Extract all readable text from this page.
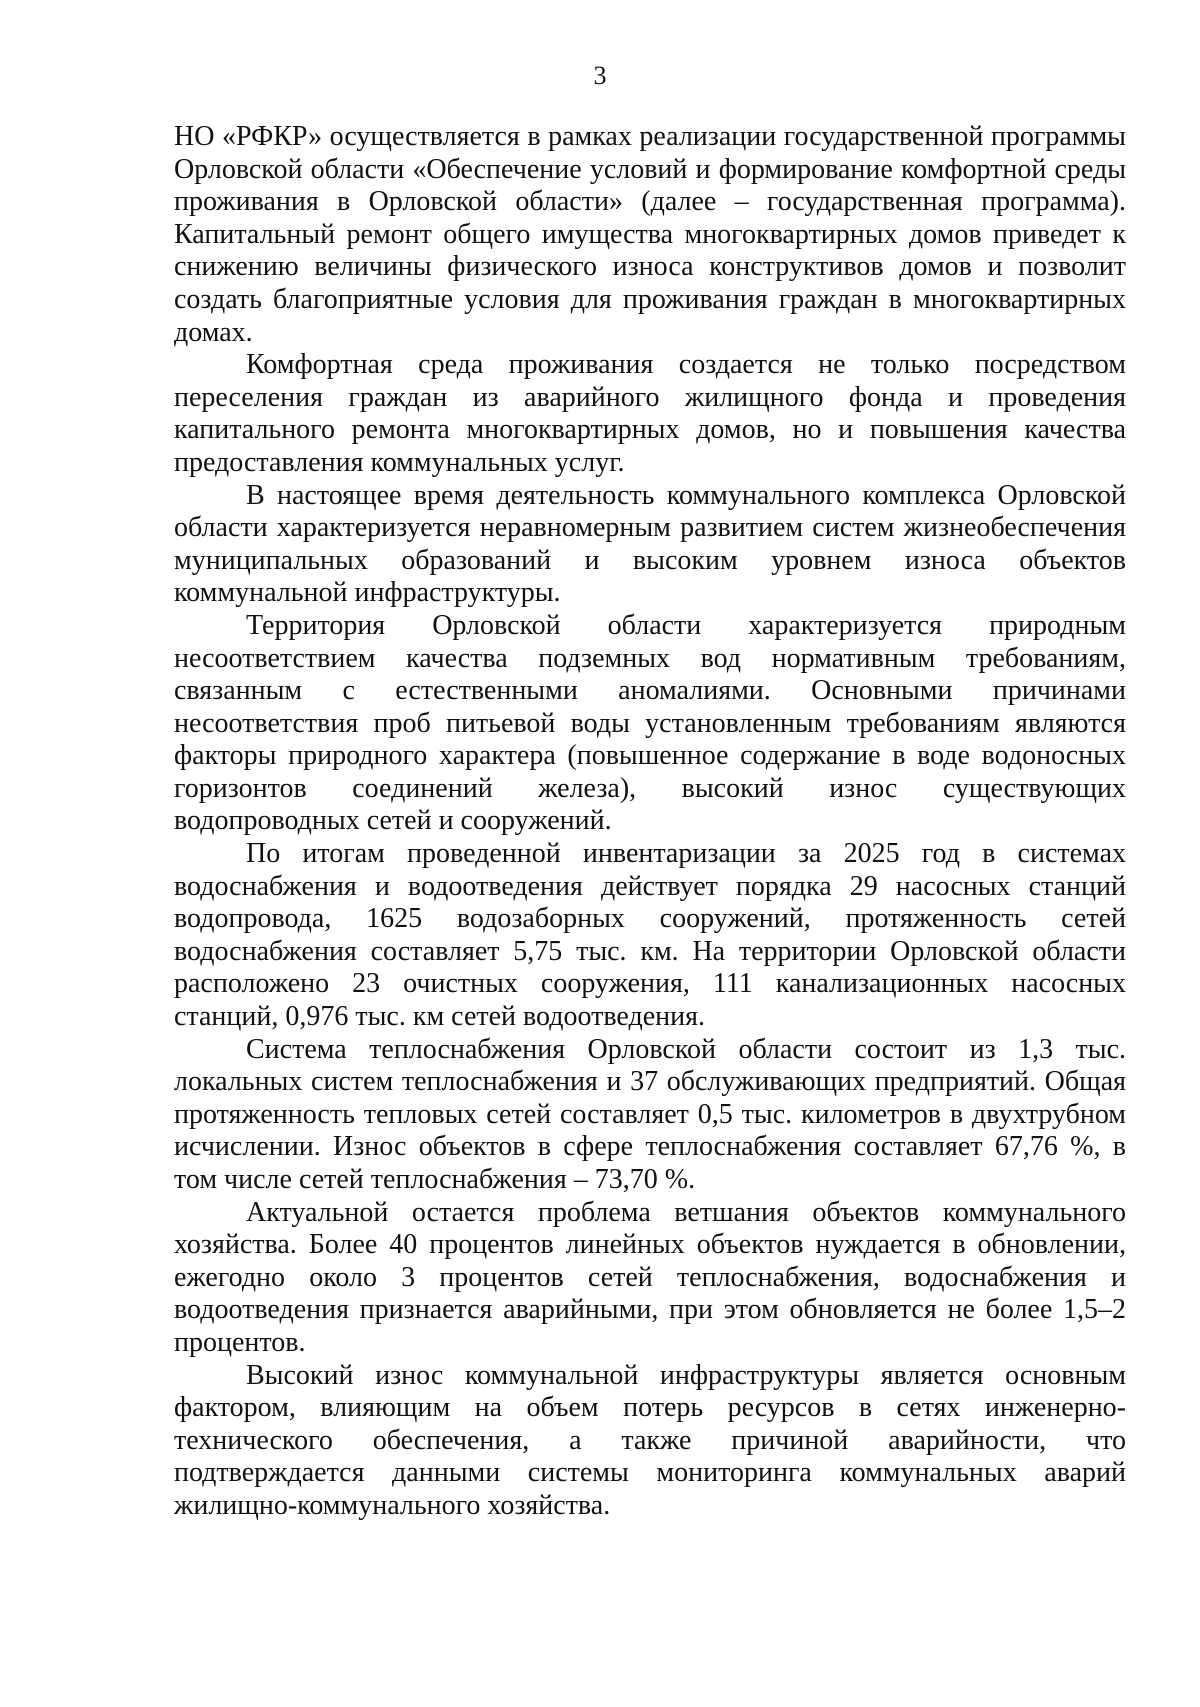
3

НО «РФКР» осуществляется в рамках реализации государственной программы Орловской области «Обеспечение условий и формирование комфортной среды проживания в Орловской области» (далее – государственная программа). Капитальный ремонт общего имущества многоквартирных домов приведет к снижению величины физического износа конструктивов домов и позволит создать благоприятные условия для проживания граждан в многоквартирных домах.

Комфортная среда проживания создается не только посредством переселения граждан из аварийного жилищного фонда и проведения капитального ремонта многоквартирных домов, но и повышения качества предоставления коммунальных услуг.

В настоящее время деятельность коммунального комплекса Орловской области характеризуется неравномерным развитием систем жизнеобеспечения муниципальных образований и высоким уровнем износа объектов коммунальной инфраструктуры.

Территория Орловской области характеризуется природным несоответствием качества подземных вод нормативным требованиям, связанным с естественными аномалиями. Основными причинами несоответствия проб питьевой воды установленным требованиям являются факторы природного характера (повышенное содержание в воде водоносных горизонтов соединений железа), высокий износ существующих водопроводных сетей и сооружений.

По итогам проведенной инвентаризации за 2025 год в системах водоснабжения и водоотведения действует порядка 29 насосных станций водопровода, 1625 водозаборных сооружений, протяженность сетей водоснабжения составляет 5,75 тыс. км. На территории Орловской области расположено 23 очистных сооружения, 111 канализационных насосных станций, 0,976 тыс. км сетей водоотведения.

Система теплоснабжения Орловской области состоит из 1,3 тыс. локальных систем теплоснабжения и 37 обслуживающих предприятий. Общая протяженность тепловых сетей составляет 0,5 тыс. километров в двухтрубном исчислении. Износ объектов в сфере теплоснабжения составляет 67,76 %, в том числе сетей теплоснабжения – 73,70 %.

Актуальной остается проблема ветшания объектов коммунального хозяйства. Более 40 процентов линейных объектов нуждается в обновлении, ежегодно около 3 процентов сетей теплоснабжения, водоснабжения и водоотведения признается аварийными, при этом обновляется не более 1,5–2 процентов.

Высокий износ коммунальной инфраструктуры является основным фактором, влияющим на объем потерь ресурсов в сетях инженерно-технического обеспечения, а также причиной аварийности, что подтверждается данными системы мониторинга коммунальных аварий жилищно-коммунального хозяйства.
